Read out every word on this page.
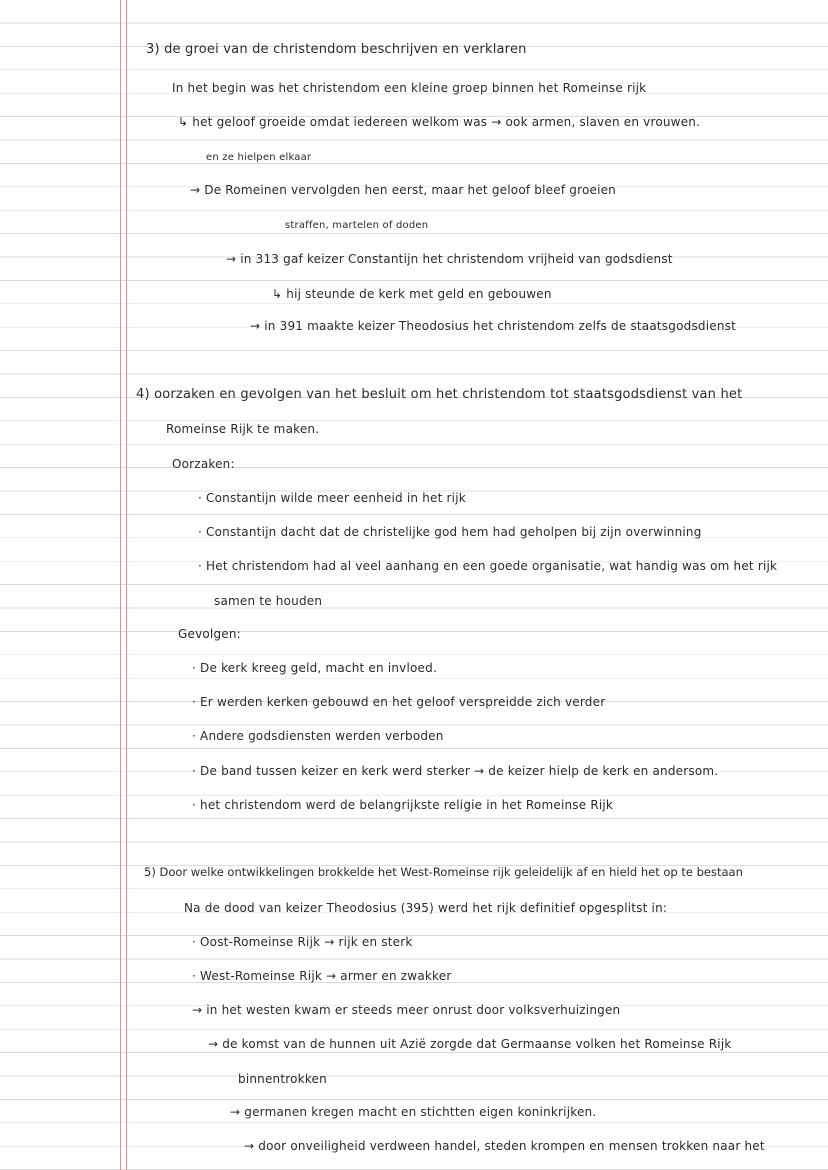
3) de groei van de christendom beschrijven en verklaren
In het begin was het christendom een kleine groep binnen het Romeinse rijk
↳ het geloof groeide omdat iedereen welkom was → ook armen, slaven en vrouwen.
en ze hielpen elkaar
→ De Romeinen vervolgden hen eerst, maar het geloof bleef groeien
straffen, martelen of doden
→ in 313 gaf keizer Constantijn het christendom vrijheid van godsdienst
↳ hij steunde de kerk met geld en gebouwen
→ in 391 maakte keizer Theodosius het christendom zelfs de staatsgodsdienst
4) oorzaken en gevolgen van het besluit om het christendom tot staatsgodsdienst van het
Romeinse Rijk te maken.
Oorzaken:
· Constantijn wilde meer eenheid in het rijk
· Constantijn dacht dat de christelijke god hem had geholpen bij zijn overwinning
· Het christendom had al veel aanhang en een goede organisatie, wat handig was om het rijk
samen te houden
Gevolgen:
· De kerk kreeg geld, macht en invloed.
· Er werden kerken gebouwd en het geloof verspreidde zich verder
· Andere godsdiensten werden verboden
· De band tussen keizer en kerk werd sterker → de keizer hielp de kerk en andersom.
· het christendom werd de belangrijkste religie in het Romeinse Rijk
5) Door welke ontwikkelingen brokkelde het West-Romeinse rijk geleidelijk af en hield het op te bestaan
Na de dood van keizer Theodosius (395) werd het rijk definitief opgesplitst in:
· Oost-Romeinse Rijk → rijk en sterk
· West-Romeinse Rijk → armer en zwakker
→ in het westen kwam er steeds meer onrust door volksverhuizingen
→ de komst van de hunnen uit Azië zorgde dat Germaanse volken het Romeinse Rijk
binnentrokken
→ germanen kregen macht en stichtten eigen koninkrijken.
→ door onveiligheid verdween handel, steden krompen en mensen trokken naar het
